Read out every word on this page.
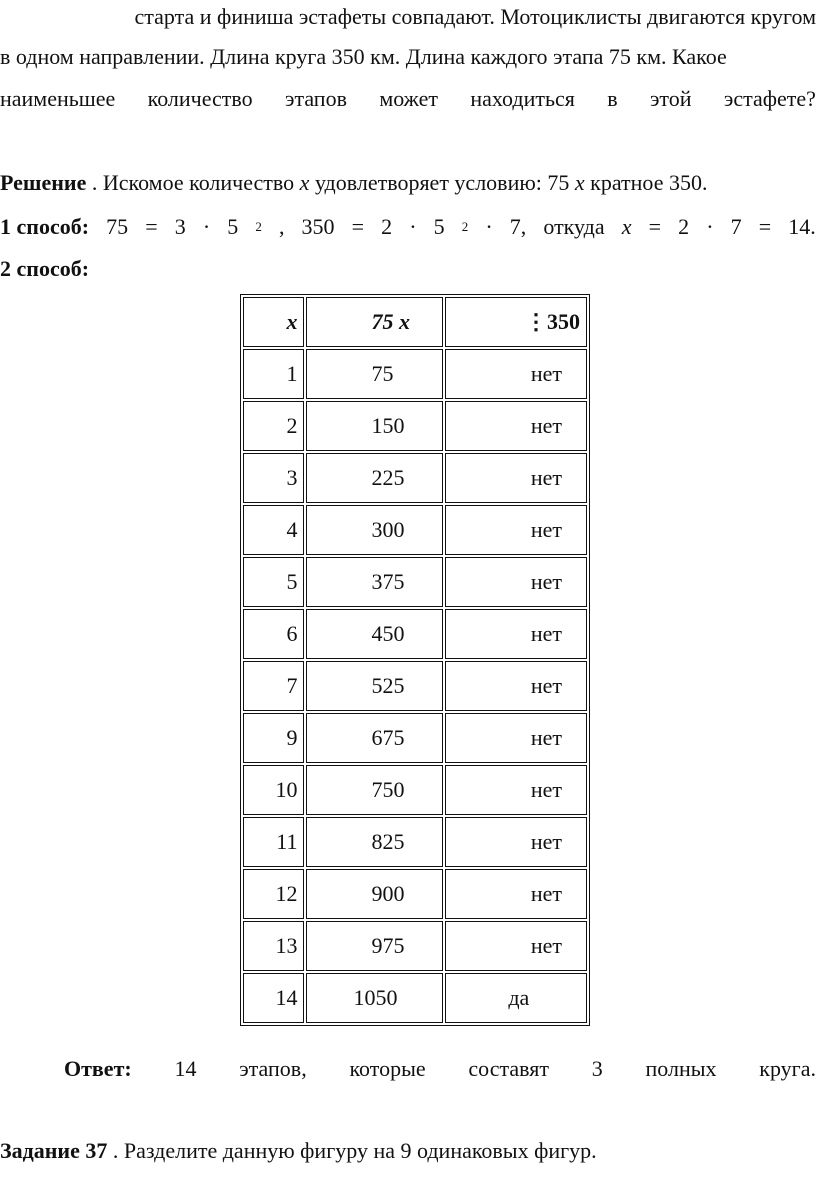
старта и финиша эстафеты совпадают. Мотоциклисты двигаются кругом
в одном направлении. Длина круга 350 км. Длина каждого этапа 75 км. Какое
наименьшее количество этапов может находиться в этой эстафете?
Решение . Искомое количество x удовлетворяет условию: 75 x кратное 350.
1 способ: 75 = 3 · 5 2 , 350 = 2 · 5 2 · 7, откуда x = 2 · 7 = 14.
2 способ:
x	75 x	⋮350
1	75	нет
2	150	нет
3	225	нет
4	300	нет
5	375	нет
6	450	нет
7	525	нет
9	675	нет
10	750	нет
11	825	нет
12	900	нет
13	975	нет
14	1050	да
Ответ: 14 этапов, которые составят 3 полных круга.
Задание 37 . Разделите данную фигуру на 9 одинаковых фигур.
